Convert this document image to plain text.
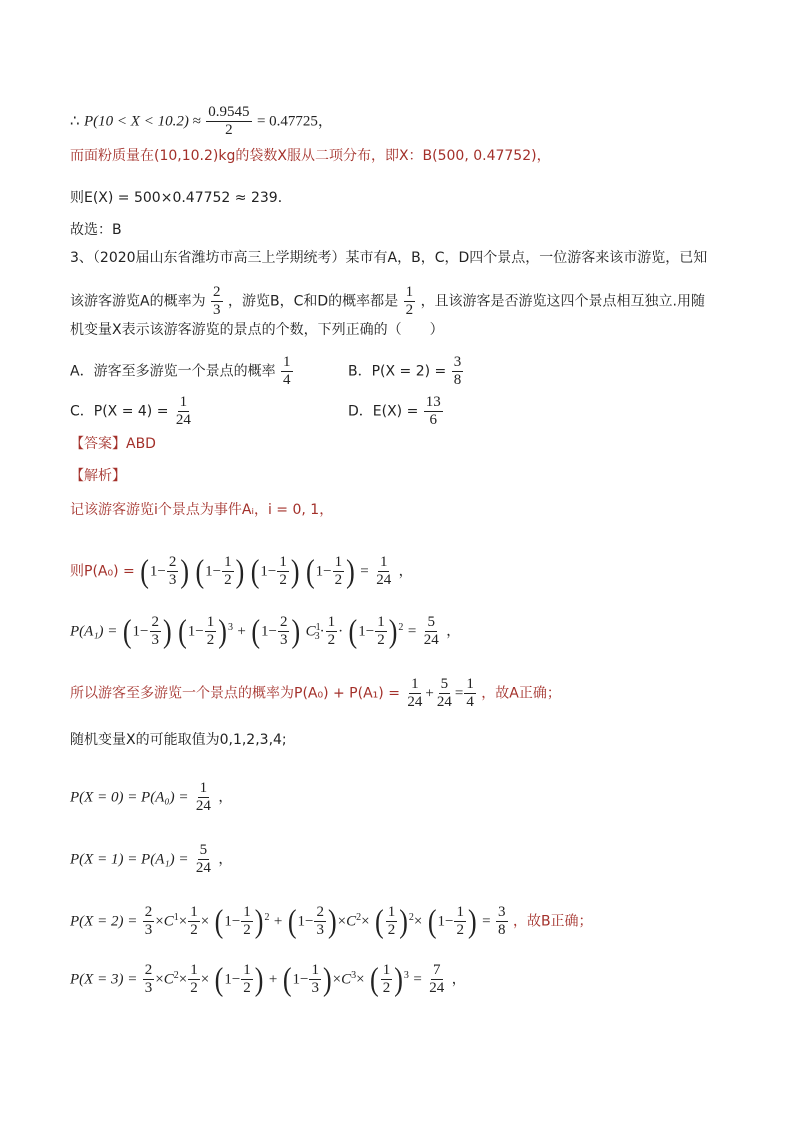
∴ $P(10 < X < 10.2) \approx \frac{0.9545}{2} = 0.47725$，
而面粉质量在(10,10.2)kg的袋数X服从二项分布，即X：B(500, 0.47752)，
则E(X) = 500×0.47752 ≈ 239．
故选：B
3、（2020届山东省潍坊市高三上学期统考）某市有A，B，C，D四个景点，一位游客来该市游览，已知
该游客游览A的概率为 $\frac{2}{3}$ ，游览B，C和D的概率都是 $\frac{1}{2}$ ，且该游客是否游览这四个景点相互独立.用随
机变量X表示该游客游览的景点的个数，下列正确的（　　）
A．游客至多游览一个景点的概率 $\frac{1}{4}$	B．$P(X = 2) = \frac{3}{8}$
C．$P(X = 4) = \frac{1}{24}$	D．$E(X) = \frac{13}{6}$
【答案】ABD
【解析】
记该游客游览i个景点为事件Aᵢ，i = 0, 1，
则$P(A_0) = (1- \frac{2}{3}$ ) ($1- \frac{1}{2}$ ) ($1- \frac{1}{2}$ ) ($1- \frac{1}{2}$ ) = $\frac{1}{24}$ ，
$P(A_1) = (1- \frac{2}{3}$ ) $(1- \frac{1}{2} )^3 + (1- \frac{2}{3}$ ) $C^1_3\cdot \frac{1}{2} \cdot (1- \frac{1}{2} )^2 = \frac{5}{24}$ ，
所以游客至多游览一个景点的概率为$P(A_0) + P(A_1) = \frac{1}{24} + \frac{5}{24} = \frac{1}{4}$ ，故A正确；
随机变量X的可能取值为0,1,2,3,4;
$P(X = 0) = P(A_0) = \frac{1}{24}$ ，
$P(X = 1) = P(A_1) = \frac{5}{24}$ ，
$P(X = 2) = \frac{2}{3} \times C^1\times \frac{1}{2} \times (1- \frac{1}{2} )^2 + (1- \frac{2}{3} )\times C^2\times$ ( $\frac{1}{2} )^2\times (1- \frac{1}{2}$ ) = $\frac{3}{8}$ ，故B正确；
$P(X = 3) = \frac{2}{3} \times C^2\times \frac{1}{2} \times (1- \frac{1}{2}$ ) + $(1- \frac{1}{3} )\times C^3\times$ ( $\frac{1}{2} )^3 = \frac{7}{24}$ ，
